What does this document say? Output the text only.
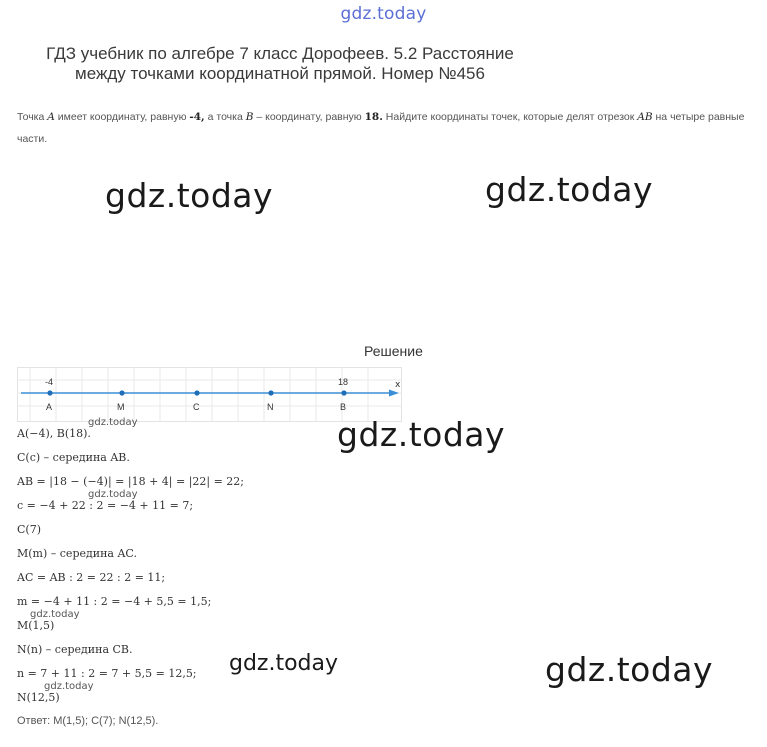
gdz.today
ГДЗ учебник по алгебре 7 класс Дорофеев. 5.2 Расстояние
между точками координатной прямой. Номер №456
Точка A имеет координату, равную -4, а точка B – координату, равную 18. Найдите координаты точек, которые делят отрезок AB на четыре равные части.
gdz.today	gdz.today
Решение
x
-4	18
A	M	C	N	B
gdz.today	gdz.today
A(−4), B(18).
C(c) – середина AB.
AB = |18 − (−4)| = |18 + 4| = |22| = 22;
gdz.today
c = −4 + 22 : 2 = −4 + 11 = 7;
C(7)
M(m) – середина AC.
AC = AB : 2 = 22 : 2 = 11;
m = −4 + 11 : 2 = −4 + 5,5 = 1,5;
gdz.today
M(1,5)
N(n) – середина CB.
gdz.today	gdz.today
n = 7 + 11 : 2 = 7 + 5,5 = 12,5;
gdz.today
N(12,5)
Ответ: M(1,5); C(7); N(12,5).
